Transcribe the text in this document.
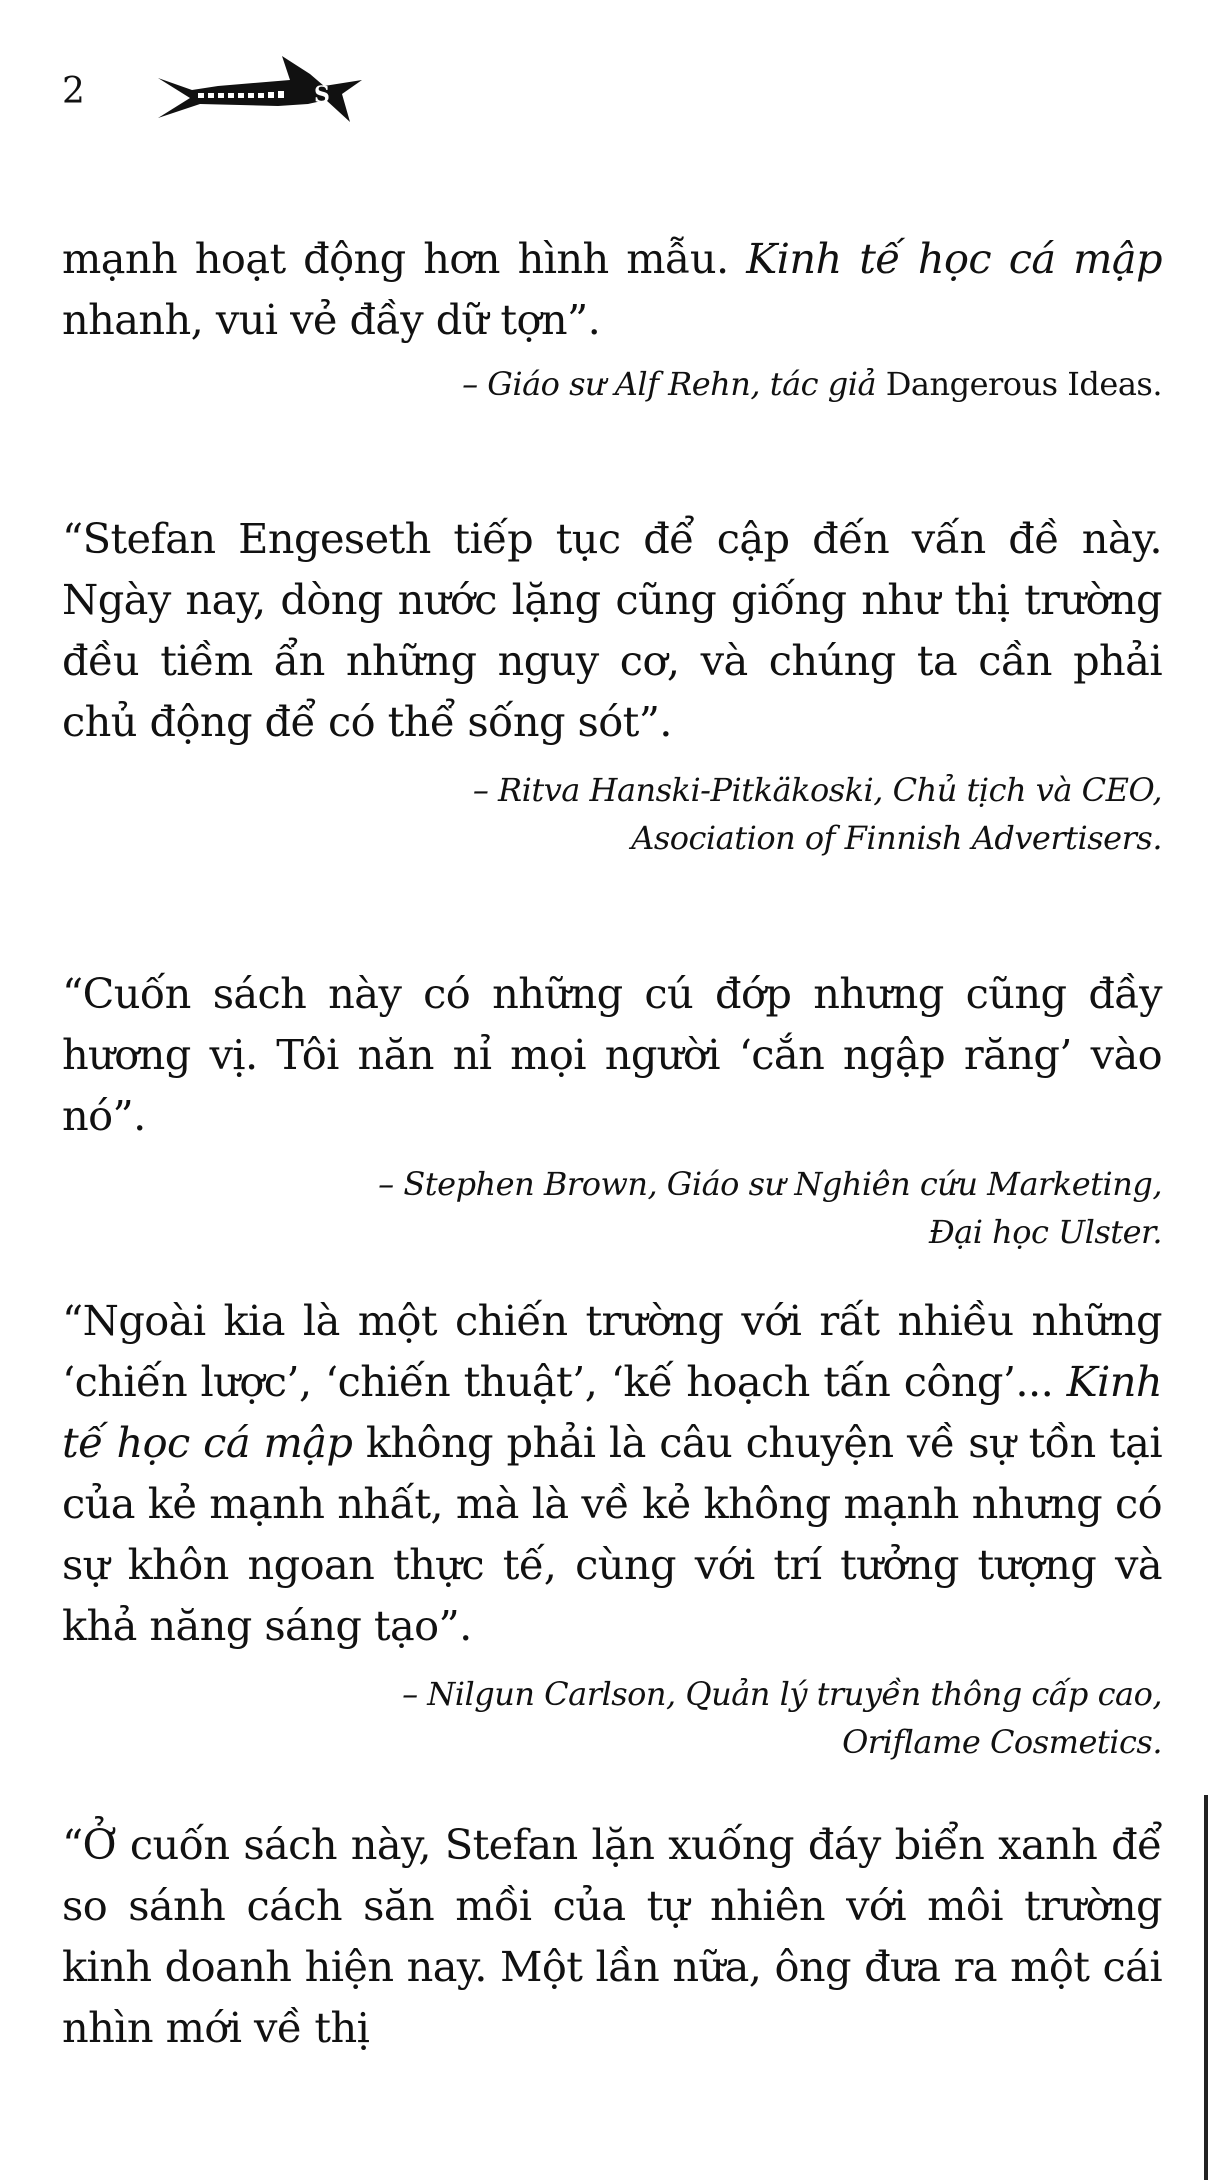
2	S

mạnh hoạt động hơn hình mẫu. Kinh tế học cá mập nhanh, vui vẻ đầy dữ tợn”.

– Giáo sư Alf Rehn, tác giả Dangerous Ideas.

“Stefan Engeseth tiếp tục để cập đến vấn đề này. Ngày nay, dòng nước lặng cũng giống như thị trường đều tiềm ẩn những nguy cơ, và chúng ta cần phải chủ động để có thể sống sót”.

– Ritva Hanski-Pitkäkoski, Chủ tịch và CEO,
Asociation of Finnish Advertisers.

“Cuốn sách này có những cú đớp nhưng cũng đầy hương vị. Tôi năn nỉ mọi người ‘cắn ngập răng’ vào nó”.

– Stephen Brown, Giáo sư Nghiên cứu Marketing,
Đại học Ulster.

“Ngoài kia là một chiến trường với rất nhiều những ‘chiến lược’, ‘chiến thuật’, ‘kế hoạch tấn công’... Kinh tế học cá mập không phải là câu chuyện về sự tồn tại của kẻ mạnh nhất, mà là về kẻ không mạnh nhưng có sự khôn ngoan thực tế, cùng với trí tưởng tượng và khả năng sáng tạo”.

– Nilgun Carlson, Quản lý truyền thông cấp cao,
Oriflame Cosmetics.

“Ở cuốn sách này, Stefan lặn xuống đáy biển xanh để so sánh cách săn mồi của tự nhiên với môi trường kinh doanh hiện nay. Một lần nữa, ông đưa ra một cái nhìn mới về thị
